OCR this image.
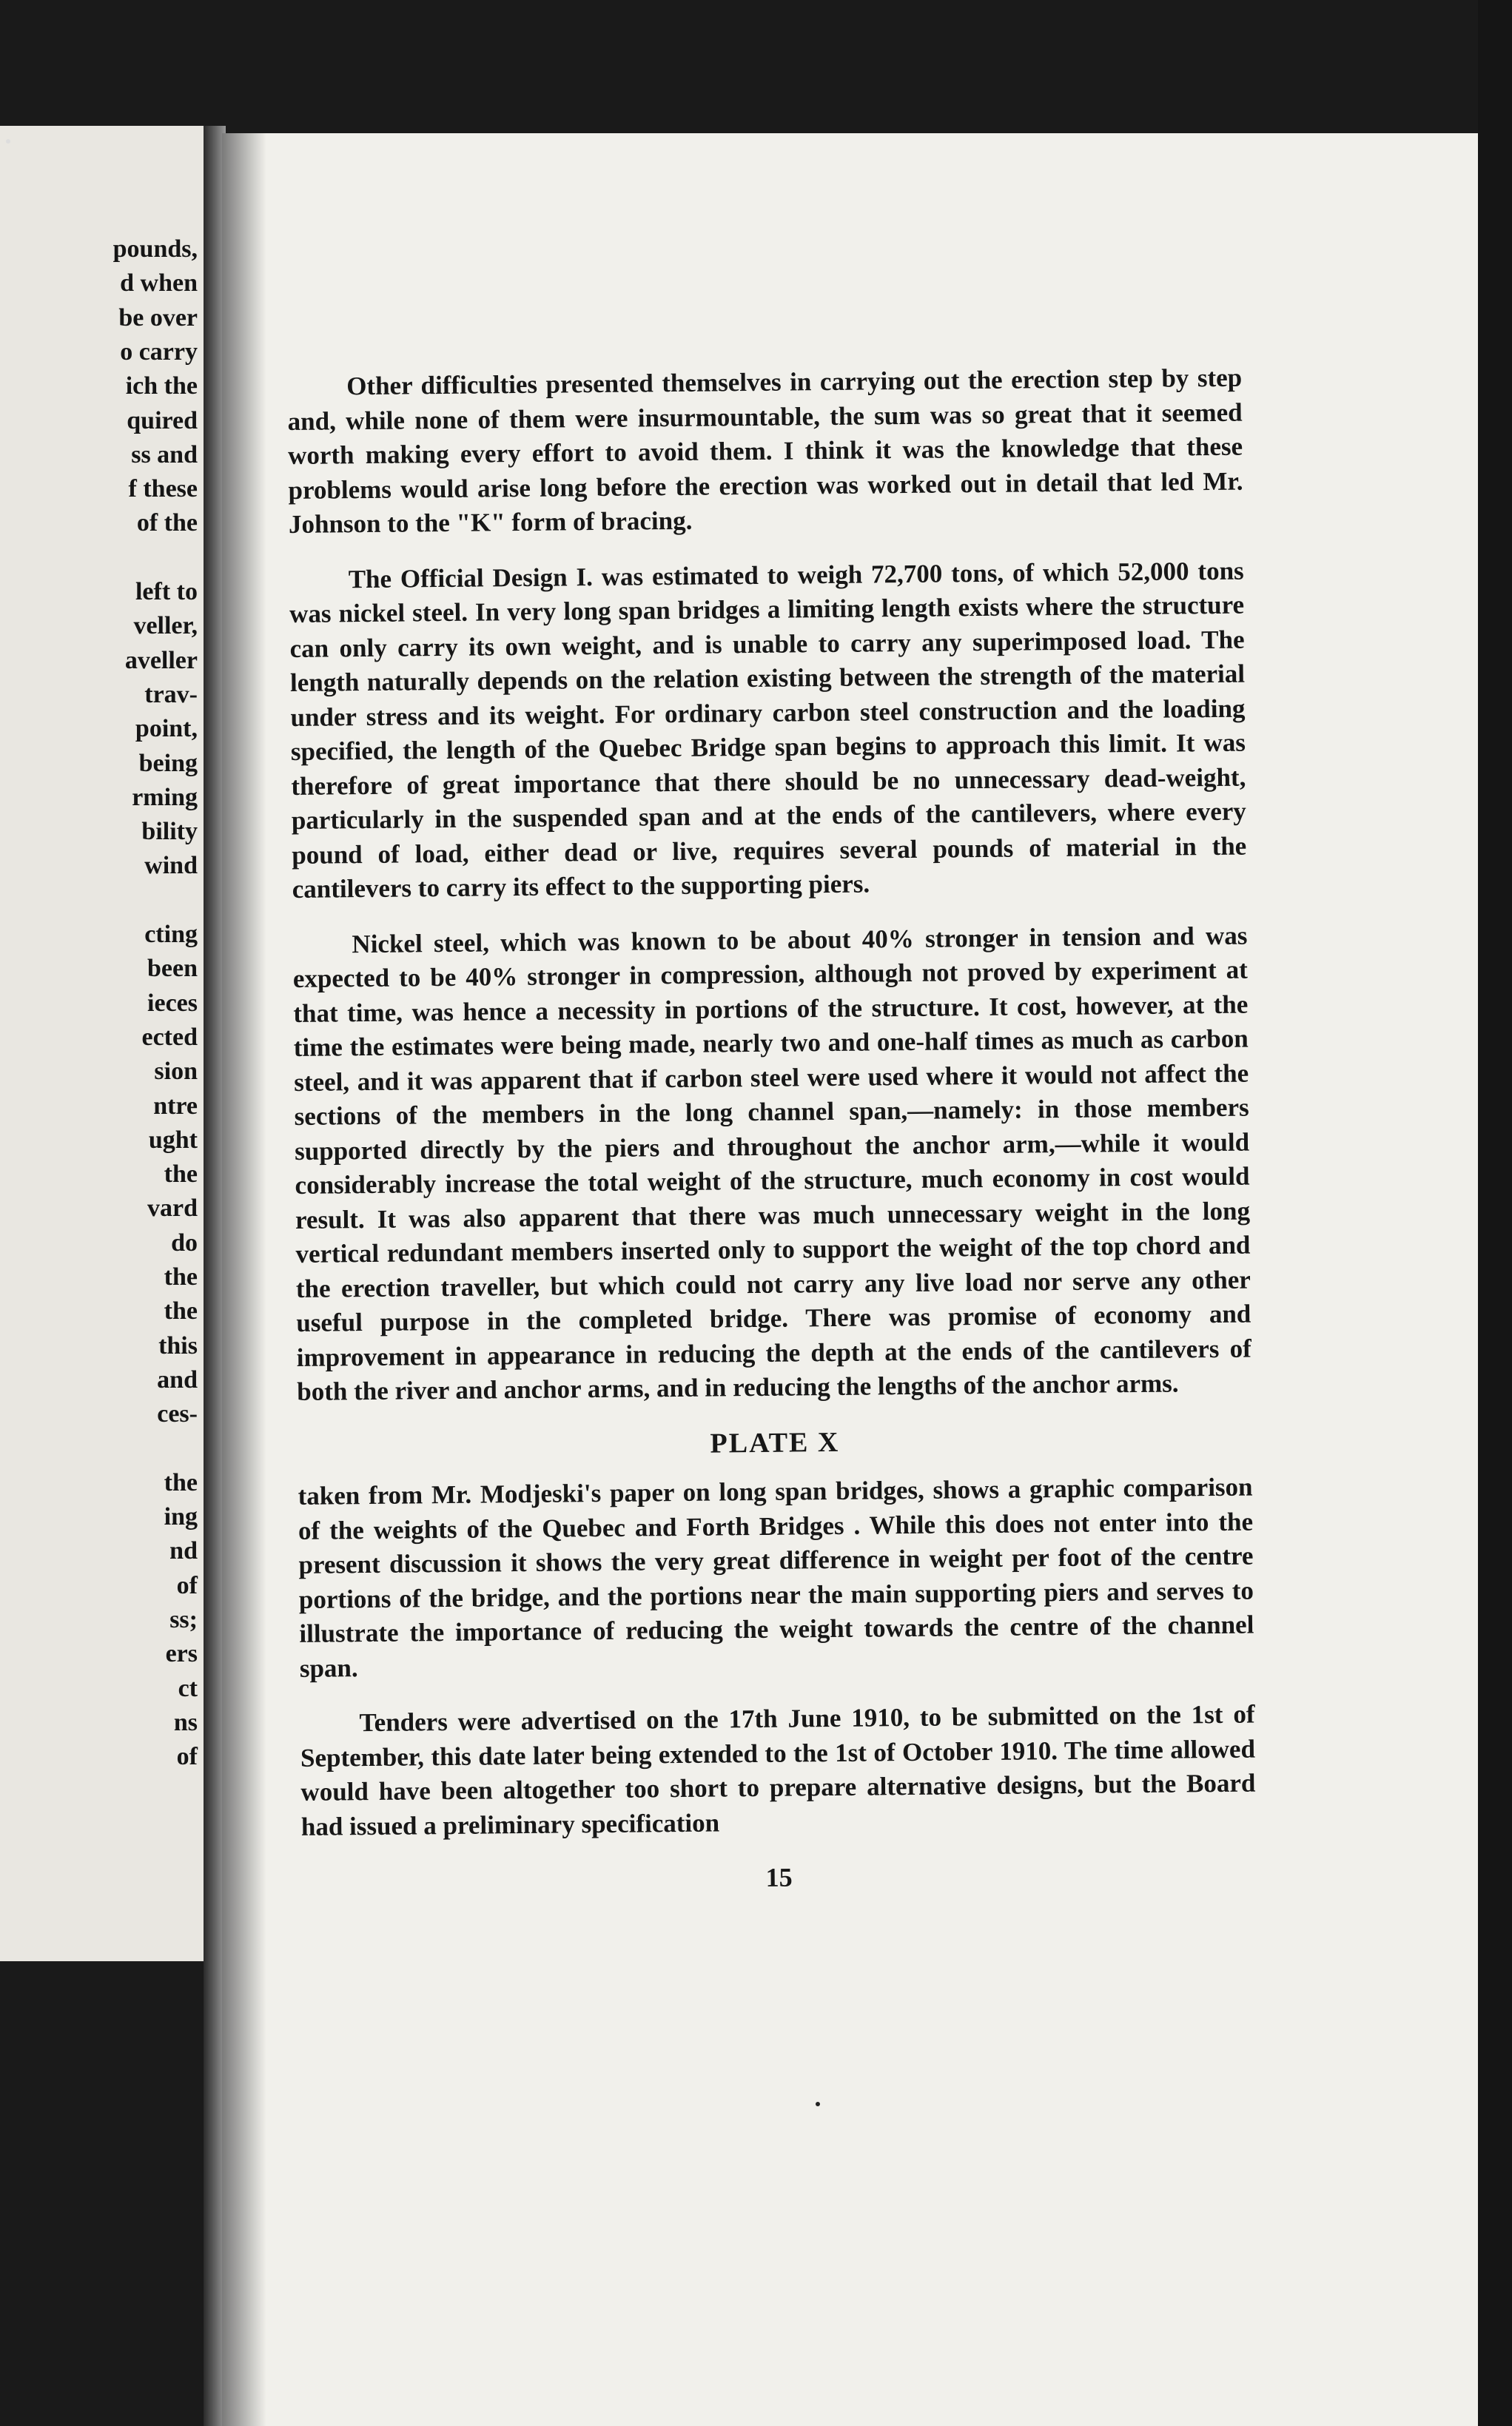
pounds,
d when
be over
o carry
ich the
quired
ss and
f these
of the
left to
veller,
aveller
trav-
point,
being
rming
bility
wind
cting
been
ieces
ected
sion
ntre
ught
the
vard
do
the
the
this
and
ces-
the
ing
nd
of
ss;
ers
ct
ns
of

Other difficulties presented themselves in carrying out the erection step by step and, while none of them were insurmountable, the sum was so great that it seemed worth making every effort to avoid them. I think it was the knowledge that these problems would arise long before the erection was worked out in detail that led Mr. Johnson to the "K" form of bracing.

The Official Design I. was estimated to weigh 72,700 tons, of which 52,000 tons was nickel steel. In very long span bridges a limiting length exists where the structure can only carry its own weight, and is unable to carry any superimposed load. The length naturally depends on the relation existing between the strength of the material under stress and its weight. For ordinary carbon steel construction and the loading specified, the length of the Quebec Bridge span begins to approach this limit. It was therefore of great importance that there should be no unnecessary dead-weight, particularly in the suspended span and at the ends of the cantilevers, where every pound of load, either dead or live, requires several pounds of material in the cantilevers to carry its effect to the supporting piers.

Nickel steel, which was known to be about 40% stronger in tension and was expected to be 40% stronger in compression, although not proved by experiment at that time, was hence a necessity in portions of the structure. It cost, however, at the time the estimates were being made, nearly two and one-half times as much as carbon steel, and it was apparent that if carbon steel were used where it would not affect the sections of the members in the long channel span,—namely: in those members supported directly by the piers and throughout the anchor arm,—while it would considerably increase the total weight of the structure, much economy in cost would result. It was also apparent that there was much unnecessary weight in the long vertical redundant members inserted only to support the weight of the top chord and the erection traveller, but which could not carry any live load nor serve any other useful purpose in the completed bridge. There was promise of economy and improvement in appearance in reducing the depth at the ends of the cantilevers of both the river and anchor arms, and in reducing the lengths of the anchor arms.

PLATE X

taken from Mr. Modjeski's paper on long span bridges, shows a graphic comparison of the weights of the Quebec and Forth Bridges . While this does not enter into the present discussion it shows the very great difference in weight per foot of the centre portions of the bridge, and the portions near the main supporting piers and serves to illustrate the importance of reducing the weight towards the centre of the channel span.

Tenders were advertised on the 17th June 1910, to be submitted on the 1st of September, this date later being extended to the 1st of October 1910. The time allowed would have been altogether too short to prepare alternative designs, but the Board had issued a preliminary specification

15
